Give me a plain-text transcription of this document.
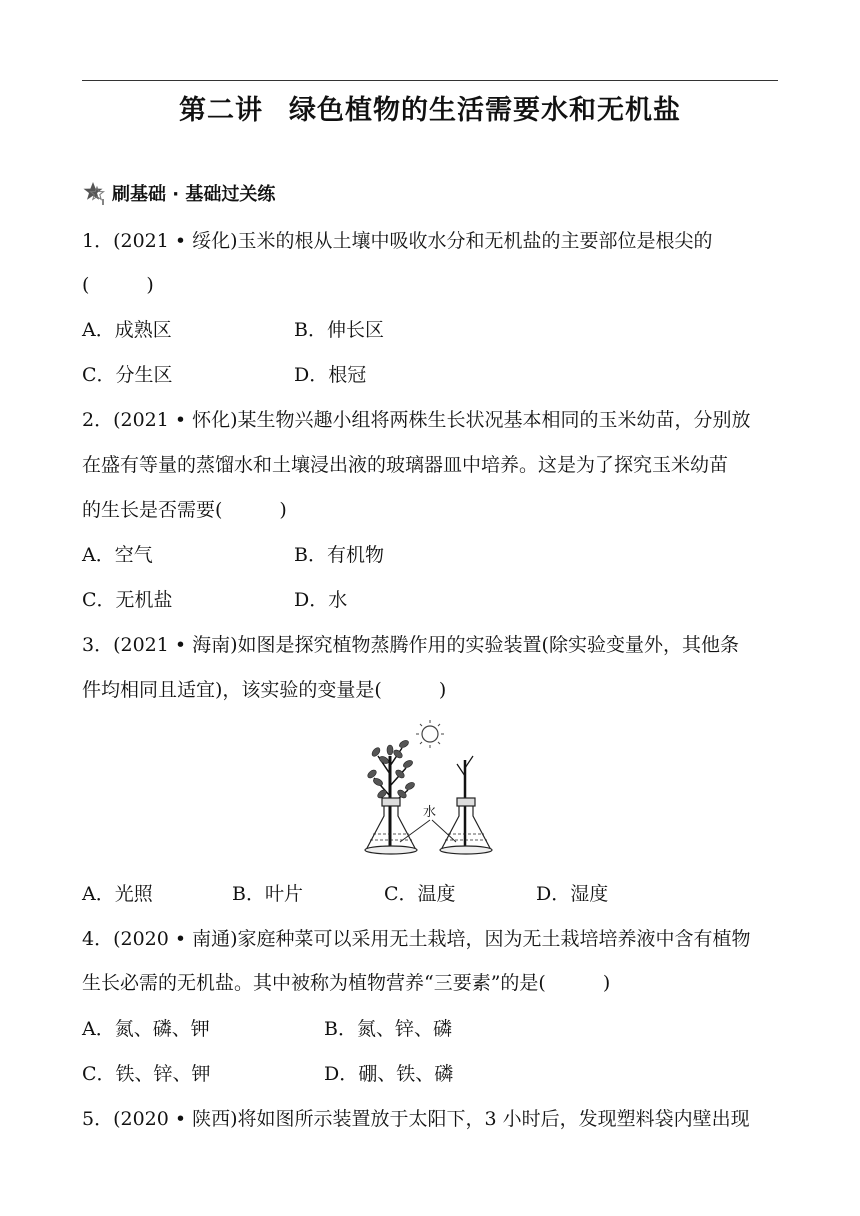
第二讲 绿色植物的生活需要水和无机盐
刷基础 · 基础过关练
1．(2021 • 绥化)玉米的根从土壤中吸收水分和无机盐的主要部位是根尖的
(　　　)
A．成熟区	B．伸长区
C．分生区	D．根冠
2．(2021 • 怀化)某生物兴趣小组将两株生长状况基本相同的玉米幼苗，分别放
在盛有等量的蒸馏水和土壤浸出液的玻璃器皿中培养。这是为了探究玉米幼苗
的生长是否需要(　　　)
A．空气	B．有机物
C．无机盐	D．水
3．(2021 • 海南)如图是探究植物蒸腾作用的实验装置(除实验变量外，其他条
件均相同且适宜)，该实验的变量是(　　　)
水
A．光照	B．叶片	C．温度	D．湿度
4．(2020 • 南通)家庭种菜可以采用无土栽培，因为无土栽培培养液中含有植物
生长必需的无机盐。其中被称为植物营养“三要素”的是(　　　)
A．氮、磷、钾	B．氮、锌、磷
C．铁、锌、钾	D．硼、铁、磷
5．(2020 • 陕西)将如图所示装置放于太阳下，3 小时后，发现塑料袋内壁出现
